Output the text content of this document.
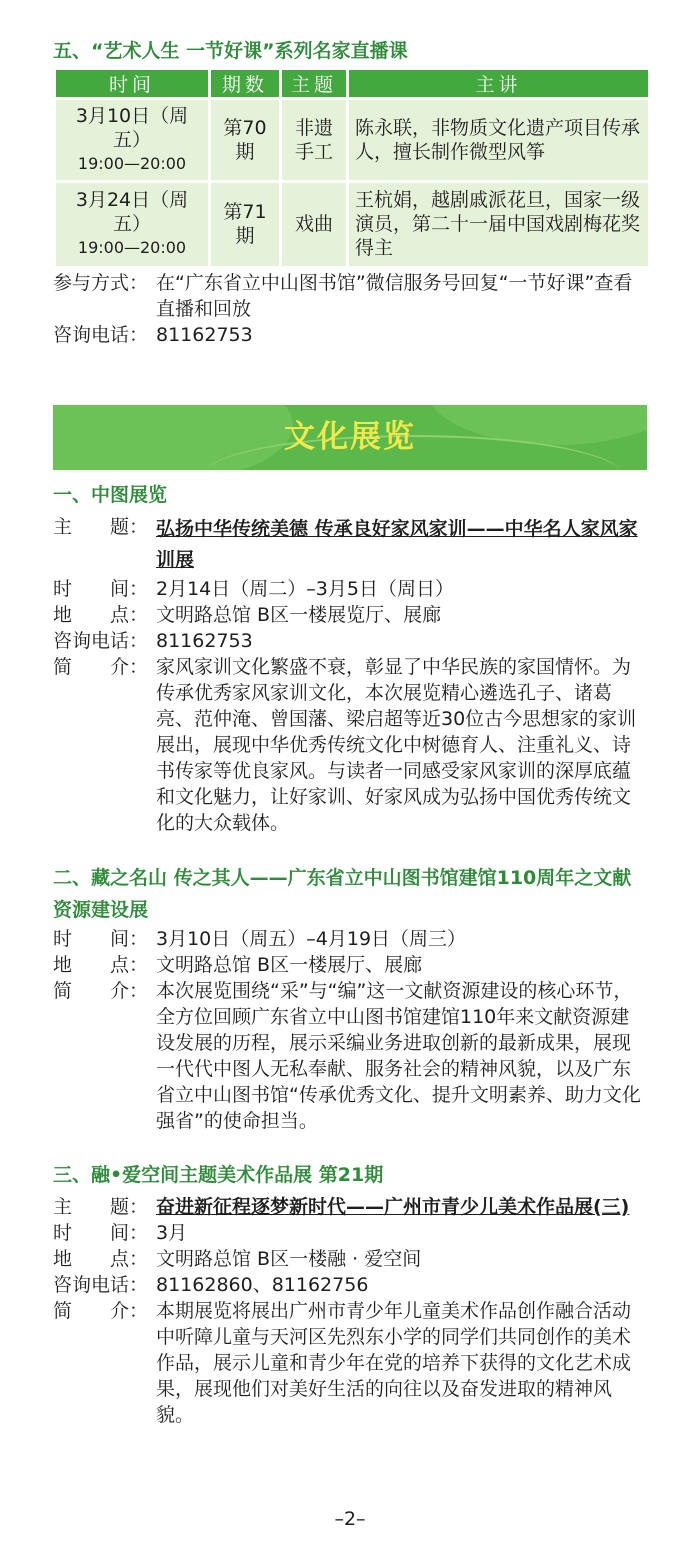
五、“艺术人生 一节好课”系列名家直播课
时间	期数	主题	主讲

3月10日（周五）
19:00—20:00	第70期	非遗手工	陈永联，非物质文化遗产项目传承人，擅长制作微型风筝

3月24日（周五）
19:00—20:00	第71期	戏曲	王杭娟，越剧戚派花旦，国家一级演员，第二十一届中国戏剧梅花奖得主
参与方式： 在“广东省立中山图书馆”微信服务号回复“一节好课”查看直播和回放
咨询电话： 81162753
文化展览
一、中图展览
主　　题： 弘扬中华传统美德 传承良好家风家训——中华名人家风家训展
时　　间： 2月14日（周二）–3月5日（周日）
地　　点： 文明路总馆 B区一楼展览厅、展廊
咨询电话： 81162753
简　　介： 家风家训文化繁盛不衰，彰显了中华民族的家国情怀。为传承优秀家风家训文化，本次展览精心遴选孔子、诸葛亮、范仲淹、曾国藩、梁启超等近30位古今思想家的家训展出，展现中华优秀传统文化中树德育人、注重礼义、诗书传家等优良家风。与读者一同感受家风家训的深厚底蕴和文化魅力，让好家训、好家风成为弘扬中国优秀传统文化的大众载体。
二、藏之名山 传之其人——广东省立中山图书馆建馆110周年之文献资源建设展
时　　间： 3月10日（周五）–4月19日（周三）
地　　点： 文明路总馆 B区一楼展厅、展廊
简　　介： 本次展览围绕“采”与“编”这一文献资源建设的核心环节，全方位回顾广东省立中山图书馆建馆110年来文献资源建设发展的历程，展示采编业务进取创新的最新成果，展现一代代中图人无私奉献、服务社会的精神风貌，以及广东省立中山图书馆“传承优秀文化、提升文明素养、助力文化强省”的使命担当。
三、融•爱空间主题美术作品展 第21期
主　　题： 奋进新征程逐梦新时代——广州市青少儿美术作品展(三)
时　　间： 3月
地　　点： 文明路总馆 B区一楼融 · 爱空间
咨询电话： 81162860、81162756
简　　介： 本期展览将展出广州市青少年儿童美术作品创作融合活动中听障儿童与天河区先烈东小学的同学们共同创作的美术作品，展示儿童和青少年在党的培养下获得的文化艺术成果，展现他们对美好生活的向往以及奋发进取的精神风貌。
–2–
